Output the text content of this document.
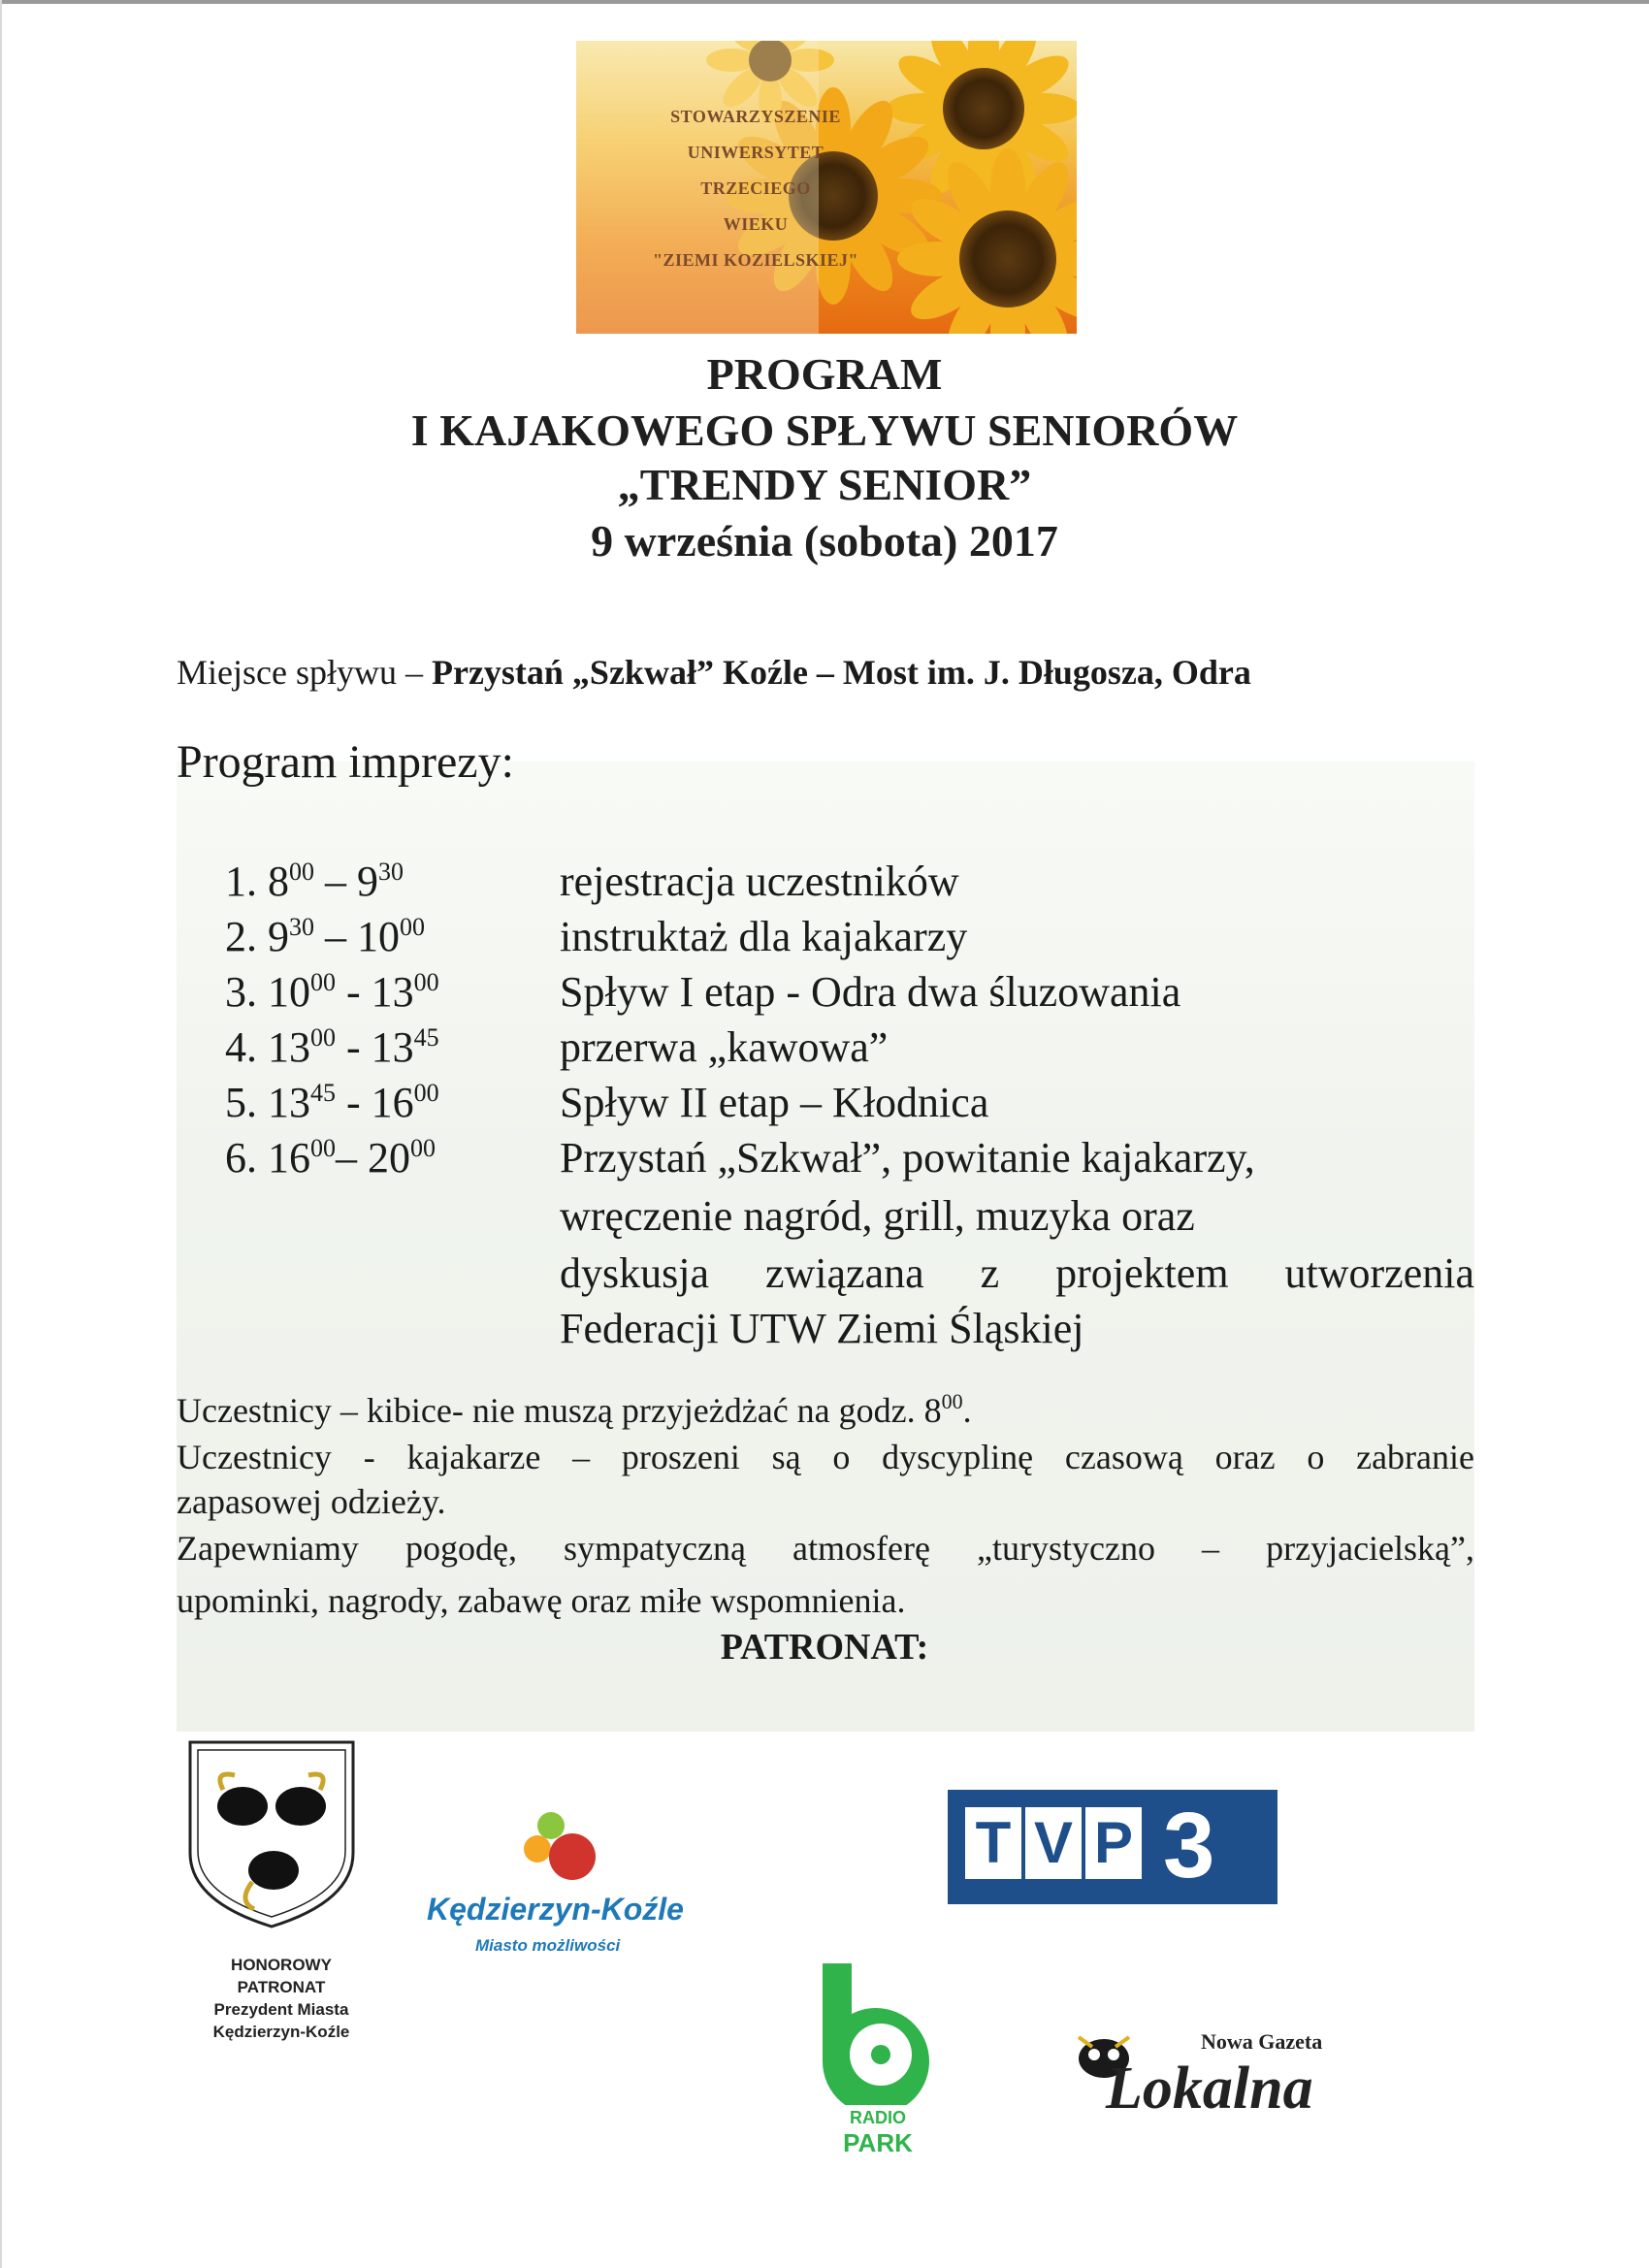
STOWARZYSZENIE
UNIWERSYTET
TRZECIEGO
WIEKU
"ZIEMI KOZIELSKIEJ"
PROGRAM
I KAJAKOWEGO SPŁYWU SENIORÓW
„TRENDY SENIOR”
9 września (sobota) 2017
Miejsce spływu – Przystań „Szkwał” Koźle – Most im. J. Długosza, Odra
Program imprezy:
1. $8^{00} - 9^{30}$	rejestracja uczestników
2. $9^{30} - 10^{00}$	instruktaż dla kajakarzy
3. $10^{00} - 13^{00}$	Spływ I etap - Odra dwa śluzowania
4. $13^{00} - 13^{45}$	przerwa „kawowa”
5. $13^{45} - 16^{00}$	Spływ II etap – Kłodnica
6. $16^{00}-$ $20^{00}$	Przystań „Szkwał”, powitanie kajakarzy,
wręczenie nagród, grill, muzyka oraz
dyskusja związana z projektem utworzenia
Federacji UTW Ziemi Śląskiej
Uczestnicy – kibice- nie muszą przyjeżdżać na godz. $8^{00}$.
Uczestnicy - kajakarze – proszeni są o dyscyplinę czasową oraz o zabranie
zapasowej odzieży.
Zapewniamy pogodę, sympatyczną atmosferę „turystyczno – przyjacielską”,
upominki, nagrody, zabawę oraz miłe wspomnienia.
PATRONAT:
HONOROWY
PATRONAT
Prezydent Miasta
Kędzierzyn-Koźle
Kędzierzyn-Koźle
Miasto możliwości
T V P 3
RADIO
PARK
Nowa Gazeta
Lokalna
